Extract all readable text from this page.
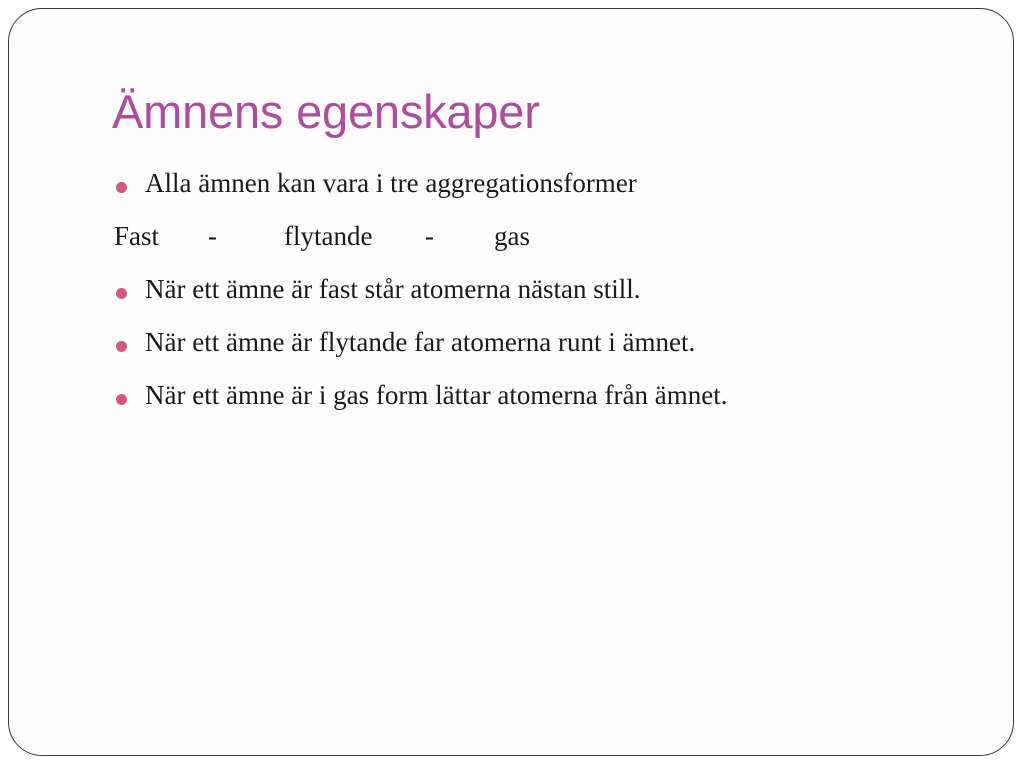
Ämnens egenskaper
Alla ämnen kan vara i tre aggregationsformer
Fast - flytande - gas
När ett ämne är fast står atomerna nästan still.
När ett ämne är flytande far atomerna runt i ämnet.
När ett ämne är i gas form lättar atomerna från ämnet.
